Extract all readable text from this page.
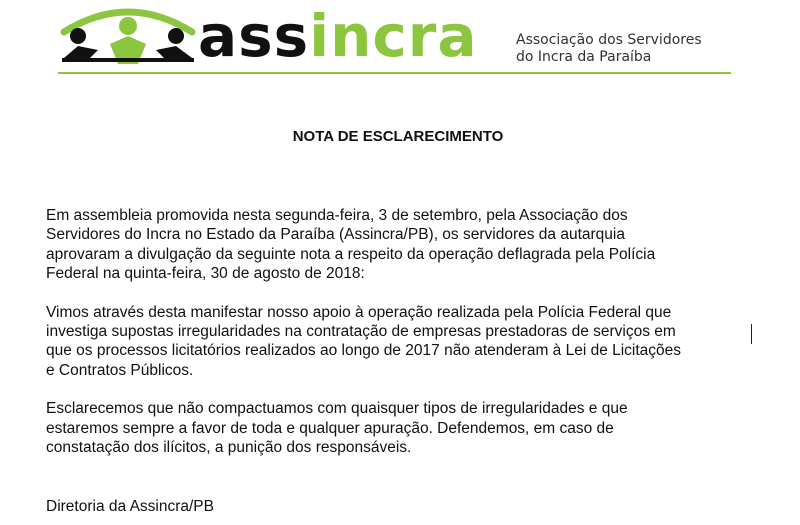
assincra	Associação dos Servidores
do Incra da Paraíba
NOTA DE ESCLARECIMENTO

Em assembleia promovida nesta segunda-feira, 3 de setembro, pela Associação dos
Servidores do Incra no Estado da Paraíba (Assincra/PB), os servidores da autarquia
aprovaram a divulgação da seguinte nota a respeito da operação deflagrada pela Polícia
Federal na quinta-feira, 30 de agosto de 2018:

Vimos através desta manifestar nosso apoio à operação realizada pela Polícia Federal que
investiga supostas irregularidades na contratação de empresas prestadoras de serviços em
que os processos licitatórios realizados ao longo de 2017 não atenderam à Lei de Licitações
e Contratos Públicos.

Esclarecemos que não compactuamos com quaisquer tipos de irregularidades e que
estaremos sempre a favor de toda e qualquer apuração. Defendemos, em caso de
constatação dos ilícitos, a punição dos responsáveis.

Diretoria da Assincra/PB
